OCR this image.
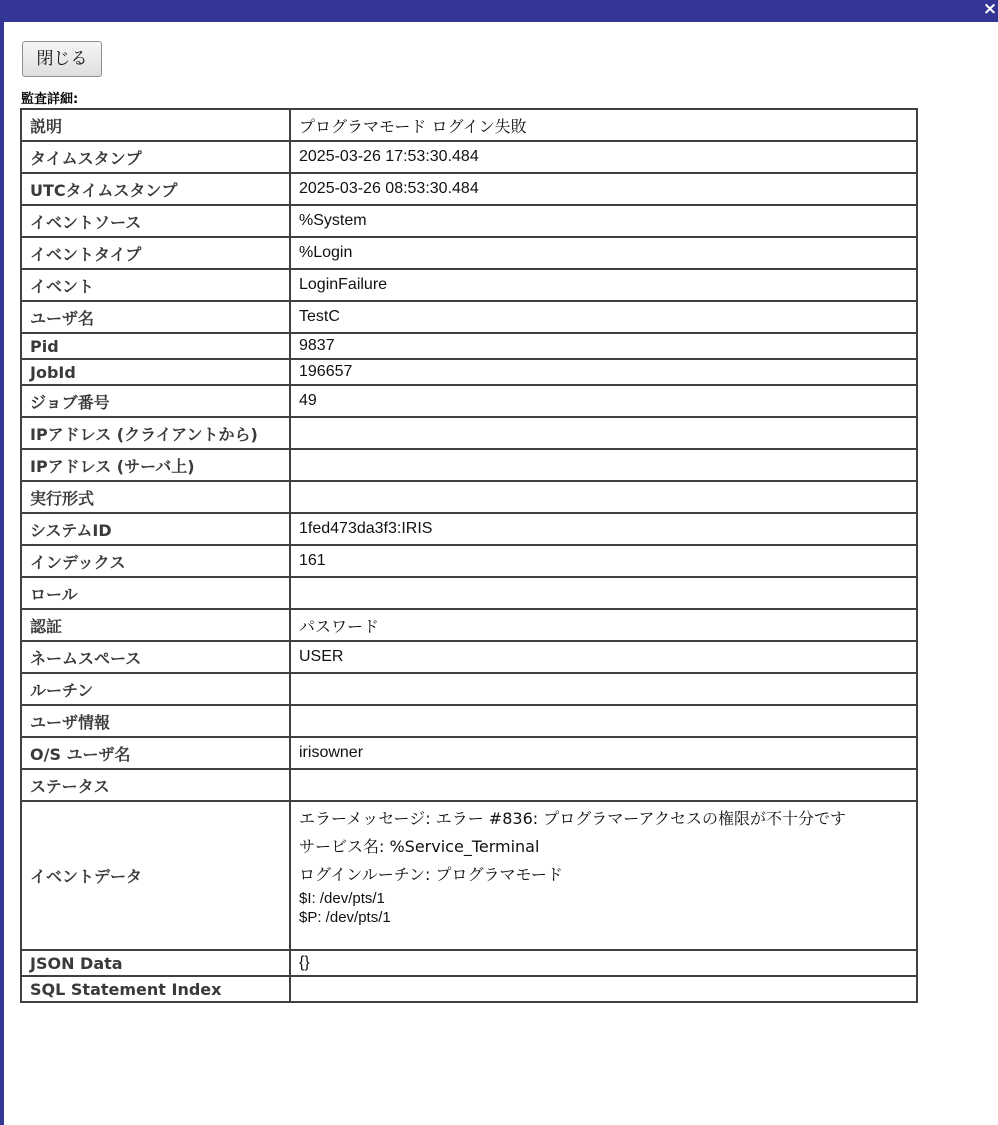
×
閉じる
監査詳細:
説明	プログラマモード ログイン失敗
タイムスタンプ	2025-03-26 17:53:30.484
UTCタイムスタンプ	2025-03-26 08:53:30.484
イベントソース	%System
イベントタイプ	%Login
イベント	LoginFailure
ユーザ名	TestC
Pid	9837
JobId	196657
ジョブ番号	49
IPアドレス (クライアントから)	
IPアドレス (サーバ上)	
実行形式	
システムID	1fed473da3f3:IRIS
インデックス	161
ロール	
認証	パスワード
ネームスペース	USER
ルーチン	
ユーザ情報	
O/S ユーザ名	irisowner
ステータス	
イベントデータ	エラーメッセージ: エラー #836: プログラマーアクセスの権限が不十分です
サービス名: %Service_Terminal
ログインルーチン: プログラマモード
$I: /dev/pts/1
$P: /dev/pts/1

JSON Data	{}
SQL Statement Index	
